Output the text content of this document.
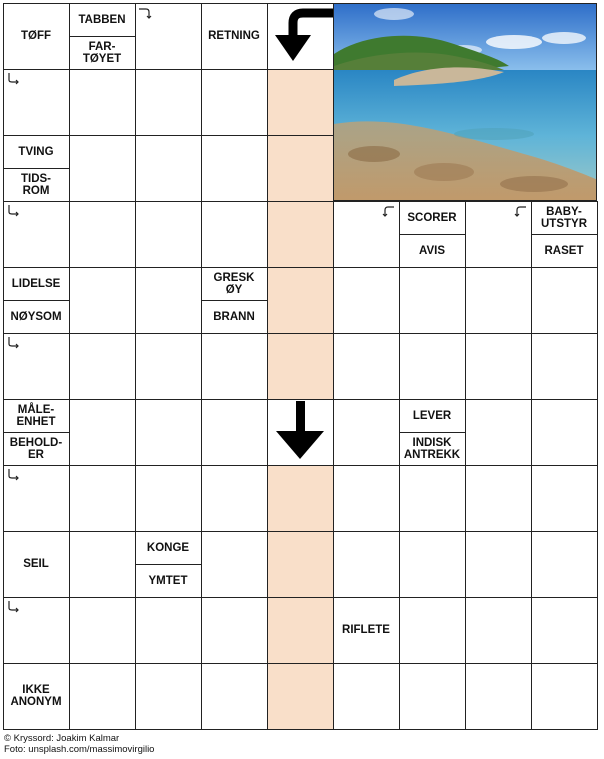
TØFF
TABBEN
FAR-
TØYET
RETNING
TVING
TIDS-
ROM
SCORER
AVIS
BABY-
UTSTYR
RASET
LIDELSE
NØYSOM
GRESK
ØY
BRANN
MÅLE-
ENHET
BEHOLD-
ER
LEVER
INDISK
ANTREKK
SEIL
KONGE
YMTET
RIFLETE
IKKE
ANONYM
© Kryssord: Joakim Kalmar
Foto: unsplash.com/massimovirgilio
